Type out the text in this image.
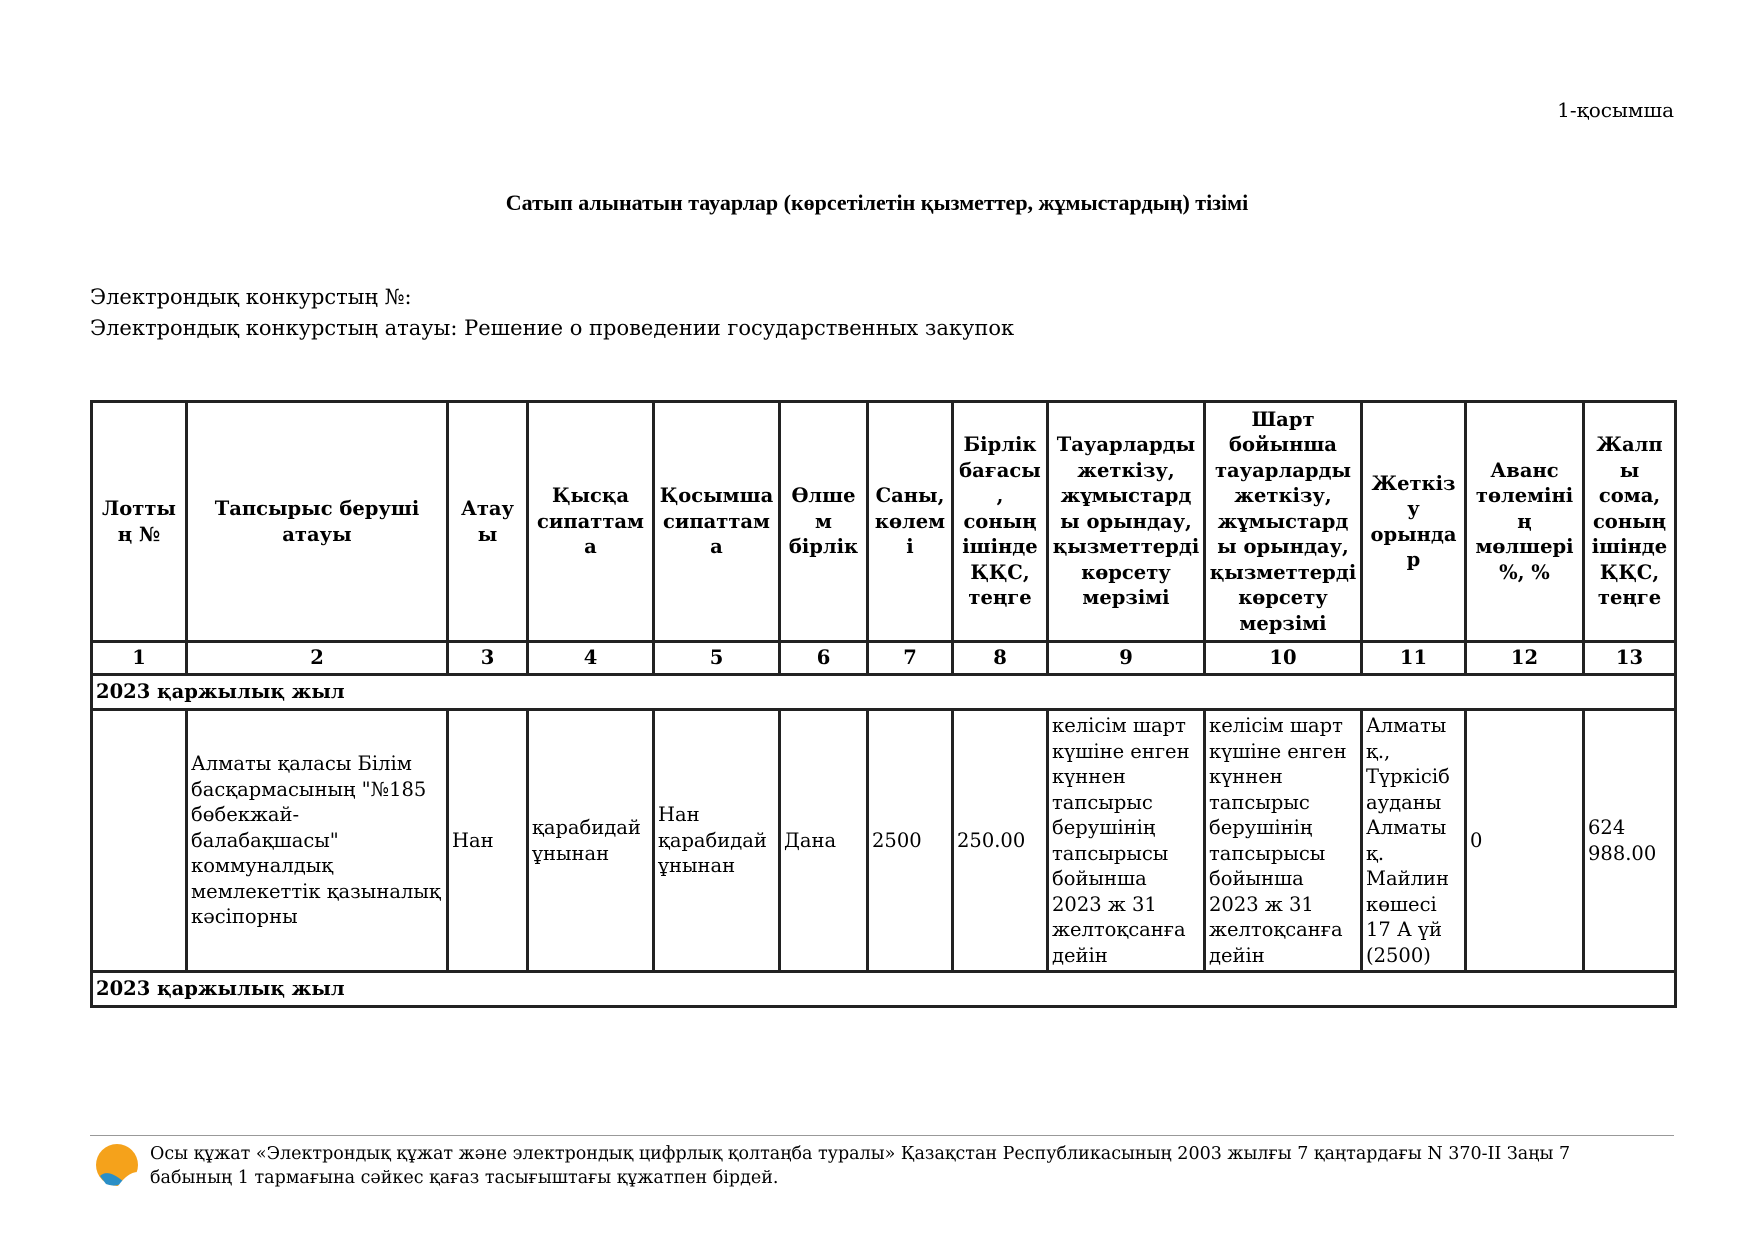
1-қосымша
Сатып алынатын тауарлар (көрсетілетін қызметтер, жұмыстардың) тізімі
Электрондық конкурстың №:
Электрондық конкурстың атауы: Решение о проведении государственных закупок
Лоттың №	Тапсырыс беруші атауы	Атауы	Қысқа сипаттама	Қосымша сипаттама	Өлшем бірлік	Саны, көлемі	Бірлік бағасы, соның ішінде ҚҚС, теңге	Тауарларды жеткізу, жұмыстарды орындау, қызметтерді көрсету мерзімі	Шарт бойынша тауарларды жеткізу, жұмыстарды орындау, қызметтерді көрсету мерзімі	Жеткізу орындар	Аванс төлемінің мөлшері %, %	Жалпы сома, соның ішінде ҚҚС, теңге
1	2	3	4	5	6	7	8	9	10	11	12	13
2023 қаржылық жыл												
	Алматы қаласы Білім басқармасының "№185 бөбекжай-балабақшасы" коммуналдық мемлекеттік қазыналық кәсіпорны	Нан	қарабидай ұнынан	Нан қарабидай ұнынан	Дана	2500	250.00	келісім шарт күшіне енген күннен тапсырыс берушінің тапсырысы бойынша 2023 ж 31 желтоқсанға дейін	келісім шарт күшіне енген күннен тапсырыс берушінің тапсырысы бойынша 2023 ж 31 желтоқсанға дейін	Алматы қ., Түркісіб ауданы Алматы қ. Майлин көшесі 17 А үй (2500)	0	624 988.00
2023 қаржылық жыл												
Осы құжат «Электрондық құжат және электрондық цифрлық қолтаңба туралы» Қазақстан Республикасының 2003 жылғы 7 қаңтардағы N 370-II Заңы 7 бабының 1 тармағына сәйкес қағаз тасығыштағы құжатпен бірдей.
